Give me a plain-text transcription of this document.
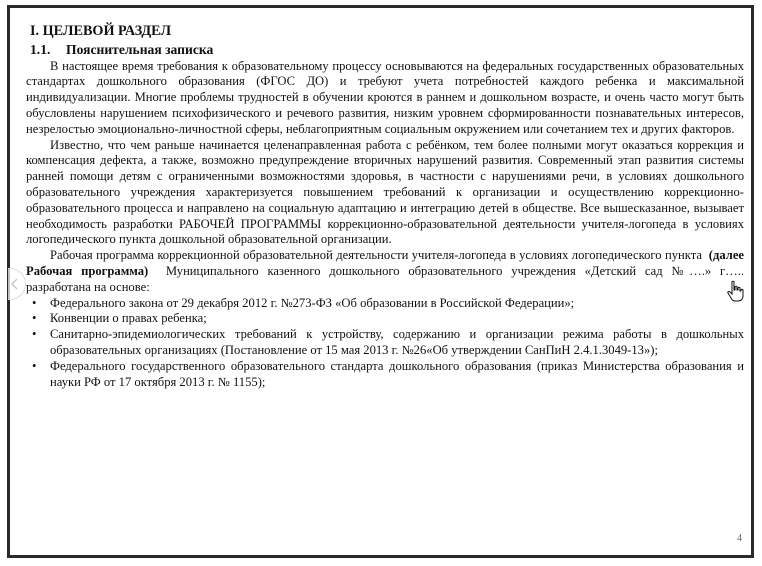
I. ЦЕЛЕВОЙ РАЗДЕЛ
1.1. Пояснительная записка

В настоящее время требования к образовательному процессу основываются на федеральных государственных образовательных стандартах дошкольного образования (ФГОС ДО) и требуют учета потребностей каждого ребенка и максимальной индивидуализации. Многие проблемы трудностей в обучении кроются в раннем и дошкольном возрасте, и очень часто могут быть обусловлены нарушением психофизического и речевого развития, низким уровнем сформированности познавательных интересов, незрелостью эмоционально-личностной сферы, неблагоприятным социальным окружением или сочетанием тех и других факторов.

Известно, что чем раньше начинается целенаправленная работа с ребёнком, тем более полными могут оказаться коррекция и компенсация дефекта, а также, возможно предупреждение вторичных нарушений развития. Современный этап развития системы ранней помощи детям с ограниченными возможностями здоровья, в частности с нарушениями речи, в условиях дошкольного образовательного учреждения характеризуется повышением требований к организации и осуществлению коррекционно-образовательного процесса и направлено на социальную адаптацию и интеграцию детей в обществе. Все вышесказанное, вызывает необходимость разработки РАБОЧЕЙ ПРОГРАММЫ коррекционно-образовательной деятельности учителя-логопеда в условиях логопедического пункта дошкольной образовательной организации.

Рабочая программа коррекционной образовательной деятельности учителя-логопеда в условиях логопедического пункта (далее Рабочая программа) Муниципального казенного дошкольного образовательного учреждения «Детский сад №….» г….. разработана на основе:

• Федерального закона от 29 декабря 2012 г. №273-ФЗ «Об образовании в Российской Федерации»;
• Конвенции о правах ребенка;
• Санитарно-эпидемиологических требований к устройству, содержанию и организации режима работы в дошкольных образовательных организациях (Постановление от 15 мая 2013 г. №26«Об утверждении СанПиН 2.4.1.3049-13»);
• Федерального государственного образовательного стандарта дошкольного образования (приказ Министерства образования и науки РФ от 17 октября 2013 г. № 1155);
4
